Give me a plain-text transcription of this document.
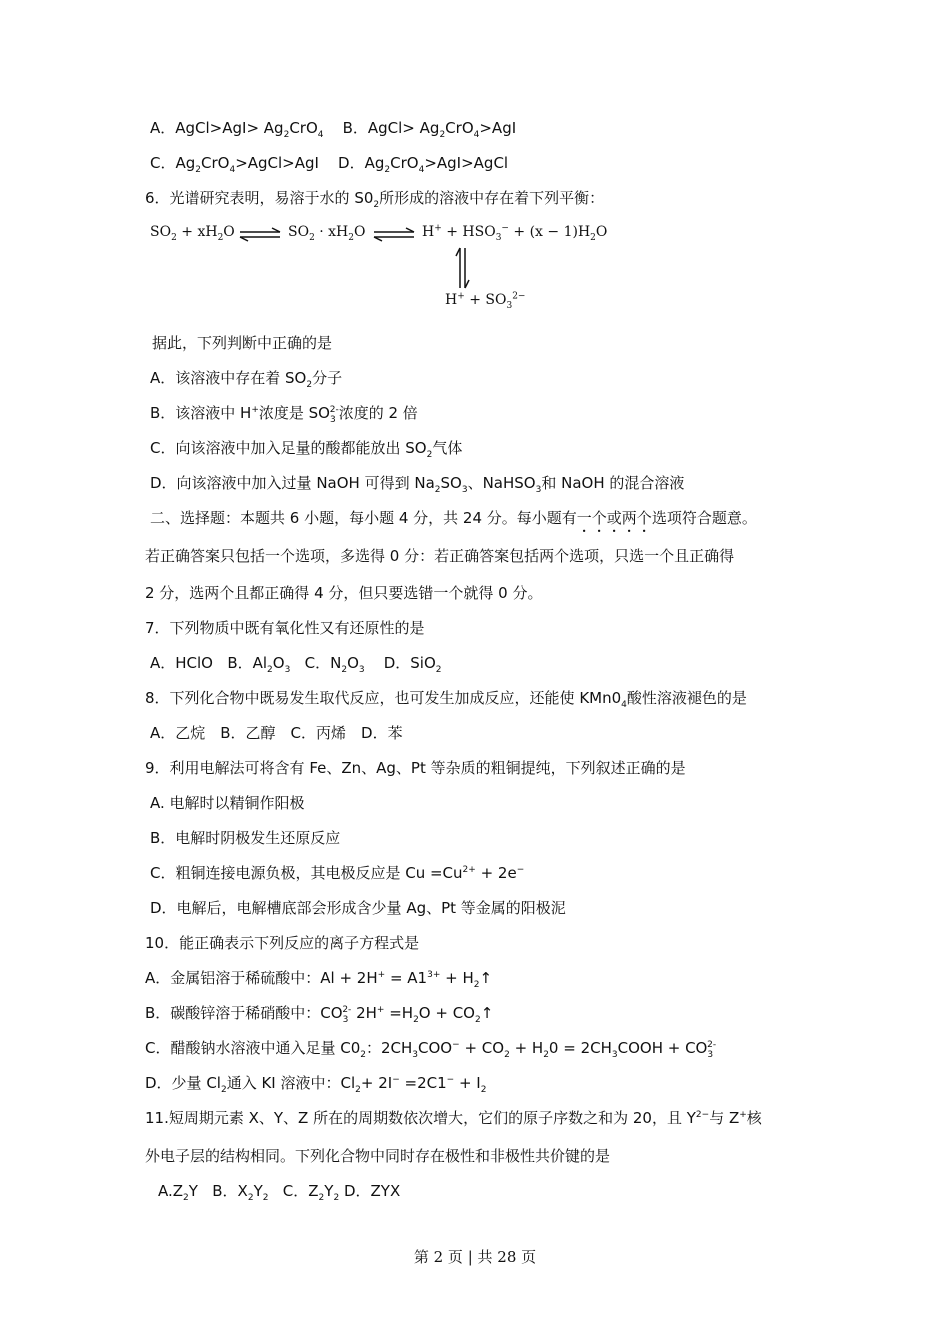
A．AgCl>AgI> $Ag_2CrO_4$ B．AgCl> $Ag_2CrO_4>AgI$
C．$Ag_2CrO_4>AgCl>AgI$ D．$Ag_2CrO_4>AgI>AgCl$
6．光谱研究表明，易溶于水的 $S0_2$所形成的溶液中存在着下列平衡：
$SO_2 + xH_2O$ ⇌ $SO_2 \cdot xH_2O$ ⇌ $H^+ + HSO_3^- + (x - 1)H_2O$
$H^+ + SO_3^{2-}$
据此，下列判断中正确的是
A．该溶液中存在着 $SO_2$分子
B．该溶液中 H+浓度是 $SO_3^{2-}$浓度的 2 倍
C．向该溶液中加入足量的酸都能放出 $SO_2$气体
D．向该溶液中加入过量 NaOH 可得到 $Na_2SO_3$、NaHSO$_3$和 NaOH 的混合溶液
二、选择题：本题共 6 小题，每小题 4 分，共 24 分。每小题有一个或两个选项符合题意。
若正确答案只包括一个选项，多选得 0 分：若正确答案包括两个选项，只选一个且正确得
2 分，选两个且都正确得 4 分，但只要选错一个就得 0 分。
7．下列物质中既有氧化性又有还原性的是
A．HClO B．$Al_2O_3$ C．$N_2O_3$ D．SiO$_2$
8．下列化合物中既易发生取代反应，也可发生加成反应，还能使 $KMn0_4$酸性溶液褪色的是
A．乙烷　B．乙醇　C．丙烯　D．苯
9．利用电解法可将含有 Fe、Zn、Ag、Pt 等杂质的粗铜提纯，下列叙述正确的是
A. 电解时以精铜作阳极
B．电解时阴极发生还原反应
C．粗铜连接电源负极，其电极反应是 $Cu =Cu^{2+} + 2e^-$
D．电解后，电解槽底部会形成含少量 Ag、Pt 等金属的阳极泥
10．能正确表示下列反应的离子方程式是
A．金属铝溶于稀硫酸中：$Al + 2H^+ = A1^{3+}$ + $H_2↑$
B．碳酸锌溶于稀硝酸中：$CO_3^{2-}$ $2H^+ =H_2O$ + $CO_2↑$
C．醋酸钠水溶液中通入足量 $C0_2$：$2CH_3COO^- + CO_2 + H_20$ = $2CH_3COOH + CO_3^{2-}$
D．少量 $Cl_2$通入 KI 溶液中：$Cl_2+ 2I^- =2C1^- + I_2$
11.短周期元素 X、Y、Z 所在的周期数依次增大，它们的原子序数之和为 20，且 $Y^{2-}$与 Z+核
外电子层的结构相同。下列化合物中同时存在极性和非极性共价键的是
$A.Z_2Y$ B．$X_2Y_2$ C．$Z_2Y_2$ D．ZYX
第 2 页 | 共 28 页
